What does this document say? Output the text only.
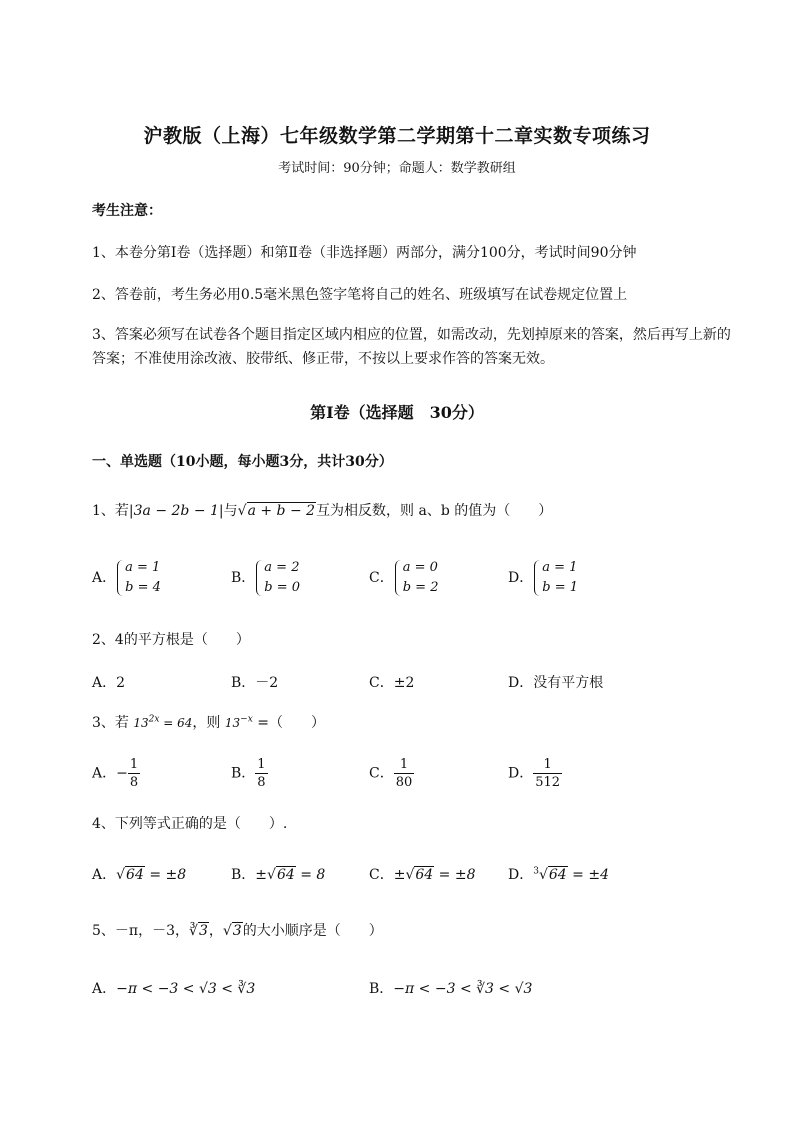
沪教版（上海）七年级数学第二学期第十二章实数专项练习
考试时间：90分钟；命题人：数学教研组
考生注意：
1、本卷分第I卷（选择题）和第Ⅱ卷（非选择题）两部分，满分100分，考试时间90分钟
2、答卷前，考生务必用0.5毫米黑色签字笔将自己的姓名、班级填写在试卷规定位置上
3、答案必须写在试卷各个题目指定区域内相应的位置，如需改动，先划掉原来的答案，然后再写上新的答案；不准使用涂改液、胶带纸、修正带，不按以上要求作答的答案无效。
第I卷（选择题　30分）
一、单选题（10小题，每小题3分，共计30分）
1、若|3a − 2b − 1|与√a + b − 2互为相反数，则 a、b 的值为（　　）
A．
a = 1
b = 4
B．
a = 2
b = 0
C．
a = 0
b = 2
D．
a = 1
b = 1
2、4的平方根是（　　）
A．2	B．－2	C．±2	D．没有平方根
3、若 $13^{2x} = 64$，则 $13^{-x}$ =（　　）
A．− $\frac{1}{8}$	B． $\frac{1}{8}$	C． $\frac{1}{80}$	D． $\frac{1}{512}$
4、下列等式正确的是（　　）.
A．√64 = ±8	B．±√64 = 8	C．±√64 = ±8 D．$^3$√64 = ±4
5、－π，－3，∛3，√3的大小顺序是（　　）
A．−π < −3 < √3 < ∛3	B．−π < −3 < ∛3 < √3
